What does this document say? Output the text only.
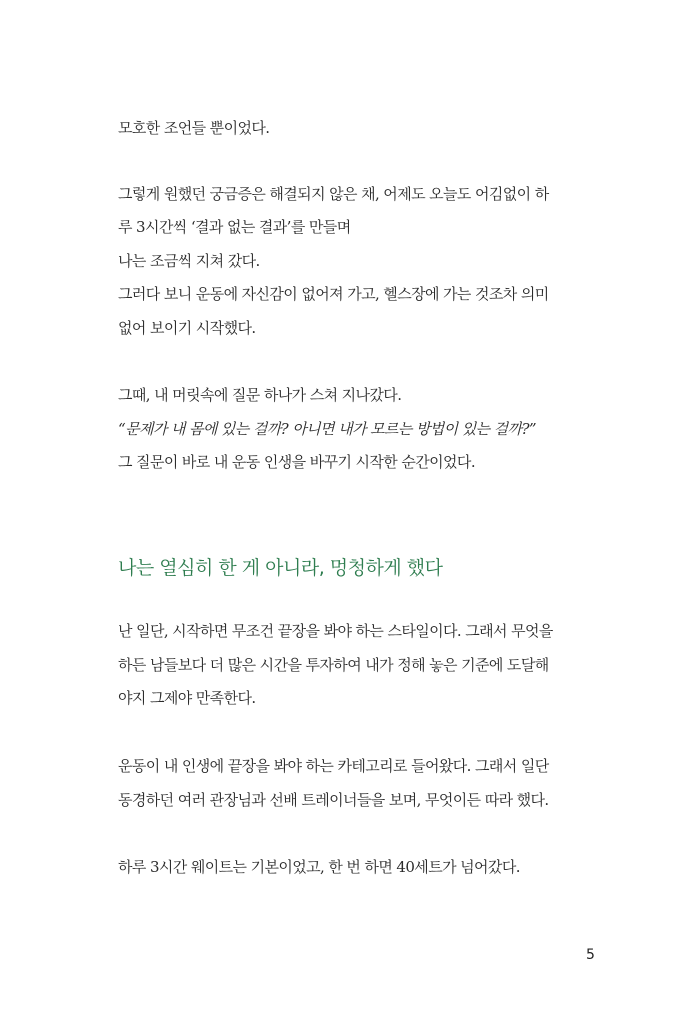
모호한 조언들 뿐이었다.
그렇게 원했던 궁금증은 해결되지 않은 채, 어제도 오늘도 어김없이 하
루 3시간씩 ‘결과 없는 결과’를 만들며
나는 조금씩 지쳐 갔다.
그러다 보니 운동에 자신감이 없어져 가고, 헬스장에 가는 것조차 의미
없어 보이기 시작했다.
그때, 내 머릿속에 질문 하나가 스쳐 지나갔다.
“문제가 내 몸에 있는 걸까? 아니면 내가 모르는 방법이 있는 걸까?”
그 질문이 바로 내 운동 인생을 바꾸기 시작한 순간이었다.
나는 열심히 한 게 아니라, 멍청하게 했다
난 일단, 시작하면 무조건 끝장을 봐야 하는 스타일이다. 그래서 무엇을
하든 남들보다 더 많은 시간을 투자하여 내가 정해 놓은 기준에 도달해
야지 그제야 만족한다.
운동이 내 인생에 끝장을 봐야 하는 카테고리로 들어왔다. 그래서 일단
동경하던 여러 관장님과 선배 트레이너들을 보며, 무엇이든 따라 했다.
하루 3시간 웨이트는 기본이었고, 한 번 하면 40세트가 넘어갔다.
5
